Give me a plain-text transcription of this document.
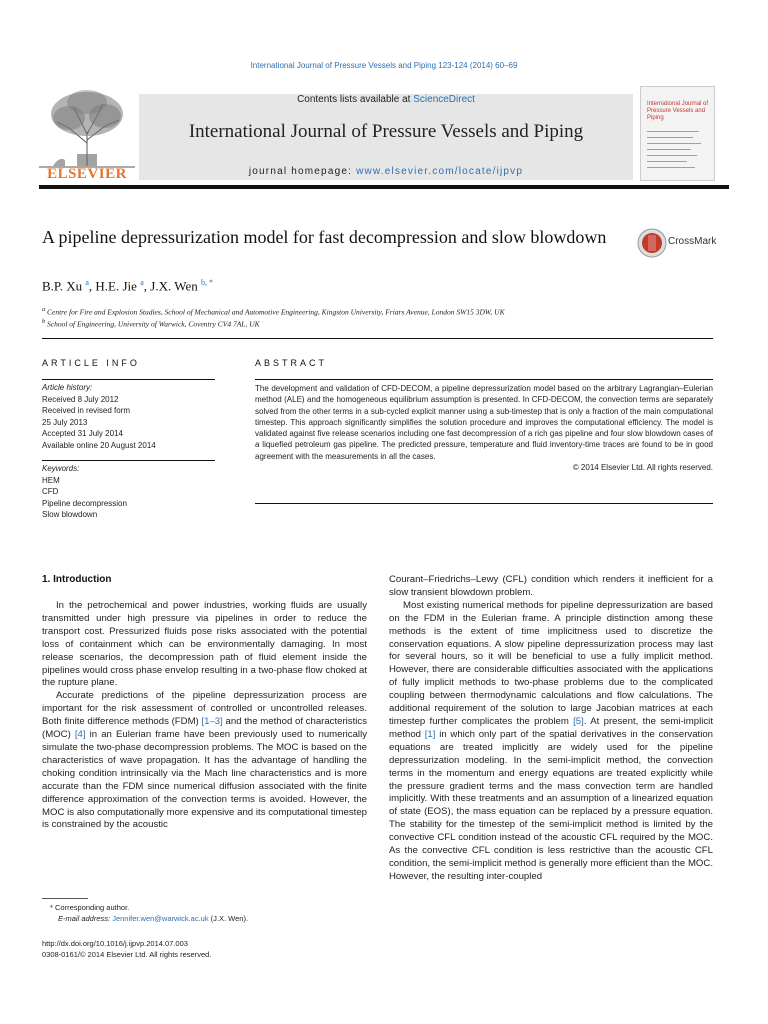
International Journal of Pressure Vessels and Piping 123-124 (2014) 60–69
ELSEVIER
Contents lists available at ScienceDirect
International Journal of Pressure Vessels and Piping
journal homepage: www.elsevier.com/locate/ijpvp
International Journal of Pressure Vessels and Piping
A pipeline depressurization model for fast decompression and slow blowdown	CrossMark
B.P. Xu $^a$, H.E. Jie $^a$, J.X. Wen $^{b, *}$
$^a$ Centre for Fire and Explosion Studies, School of Mechanical and Automotive Engineering, Kingston University, Friars Avenue, London SW15 3DW, UK
$^b$ School of Engineering, University of Warwick, Coventry CV4 7AL, UK
ARTICLE INFO
Article history:
Received 8 July 2012
Received in revised form
25 July 2013
Accepted 31 July 2014
Available online 20 August 2014
Keywords:
HEM
CFD
Pipeline decompression
Slow blowdown
ABSTRACT
The development and validation of CFD-DECOM, a pipeline depressurization model based on the arbitrary Lagrangian–Eulerian method (ALE) and the homogeneous equilibrium assumption is presented. In CFD-DECOM, the convection terms are separately solved from the other terms in a sub-cycled explicit manner using a sub-timestep that is only a fraction of the main computational timestep. This approach significantly simplifies the solution procedure and improves the computational efficiency. The model is validated against five release scenarios including one fast decompression of a rich gas pipeline and four slow blowdown cases of a liquefied petroleum gas pipeline. The predicted pressure, temperature and fluid inventory-time traces are found to be in good agreement with the measurements in all the cases.
© 2014 Elsevier Ltd. All rights reserved.
1. Introduction

In the petrochemical and power industries, working fluids are usually transmitted under high pressure via pipelines in order to reduce the transport cost. Pressurized fluids pose risks associated with the potential loss of containment which can be environmentally damaging. In most release scenarios, the decompression path of fluid element inside the pipelines would cross phase envelop resulting in a two-phase flow choked at the rupture plane.

Accurate predictions of the pipeline depressurization process are important for the risk assessment of controlled or uncontrolled releases. Both finite difference methods (FDM) [1–3] and the method of characteristics (MOC) [4] in an Eulerian frame have been previously used to numerically simulate the two-phase decompression problems. The MOC is based on the characteristics of wave propagation. It has the advantage of handling the choking condition intrinsically via the Mach line characteristics and is more accurate than the FDM since numerical diffusion associated with the finite difference approximation of the convection terms is avoided. However, the MOC is also computationally more expensive and its computational timestep is constrained by the acoustic

Courant–Friedrichs–Lewy (CFL) condition which renders it inefficient for a slow transient blowdown problem.

Most existing numerical methods for pipeline depressurization are based on the FDM in the Eulerian frame. A principle distinction among these methods is the extent of time implicitness used to discretize the conservation equations. A slow pipeline depressurization process may last for several hours, so it will be beneficial to use a fully implicit method. However, there are considerable difficulties associated with the applications of fully implicit methods to two-phase problems due to the complicated coupling between thermodynamic calculations and flow calculations. The additional requirement of the solution to large Jacobian matrices at each timestep further complicates the problem [5]. At present, the semi-implicit method [1] in which only part of the spatial derivatives in the conservation equations are treated implicitly are widely used for the pipeline depressurization modeling. In the semi-implicit method, the convection terms in the momentum and energy equations are treated explicitly while the pressure gradient terms and the mass convection term are handled implicitly. With these treatments and an assumption of a linearized equation of state (EOS), the mass equation can be replaced by a pressure equation. The stability for the timestep of the semi-implicit method is limited by the convective CFL condition instead of the acoustic CFL required by the MOC. As the convective CFL condition is less restrictive than the acoustic CFL condition, the semi-implicit method is generally more efficient than the MOC. However, the resulting inter-coupled

* Corresponding author.
E-mail address: Jennifer.wen@warwick.ac.uk (J.X. Wen).
http://dx.doi.org/10.1016/j.ijpvp.2014.07.003
0308-0161/© 2014 Elsevier Ltd. All rights reserved.
